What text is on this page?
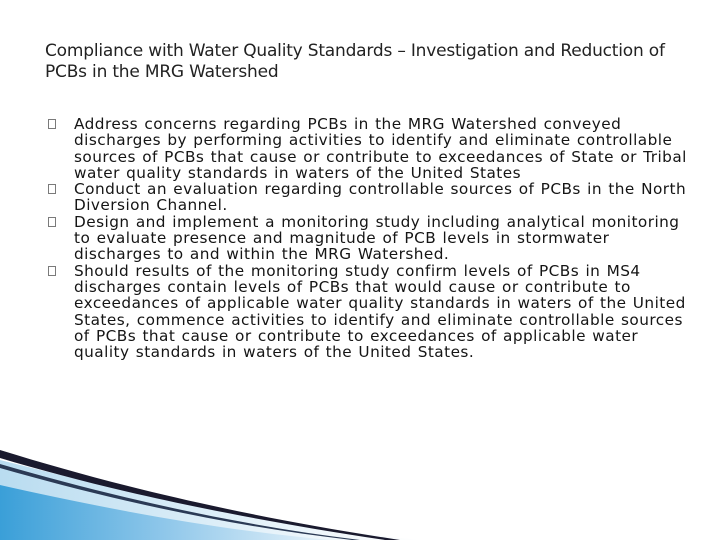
Compliance with Water Quality Standards – Investigation and Reduction of PCBs in the MRG Watershed
Address concerns regarding PCBs in the MRG Watershed conveyed discharges by performing activities to identify and eliminate controllable sources of PCBs that cause or contribute to exceedances of State or Tribal water quality standards in waters of the United States
Conduct an evaluation regarding controllable sources of PCBs in the North Diversion Channel.
Design and implement a monitoring study including analytical monitoring to evaluate presence and magnitude of PCB levels in stormwater discharges to and within the MRG Watershed.
Should results of the monitoring study confirm levels of PCBs in MS4 discharges contain levels of PCBs that would cause or contribute to exceedances of applicable water quality standards in waters of the United States, commence activities to identify and eliminate controllable sources of PCBs that cause or contribute to exceedances of applicable water quality standards in waters of the United States.
